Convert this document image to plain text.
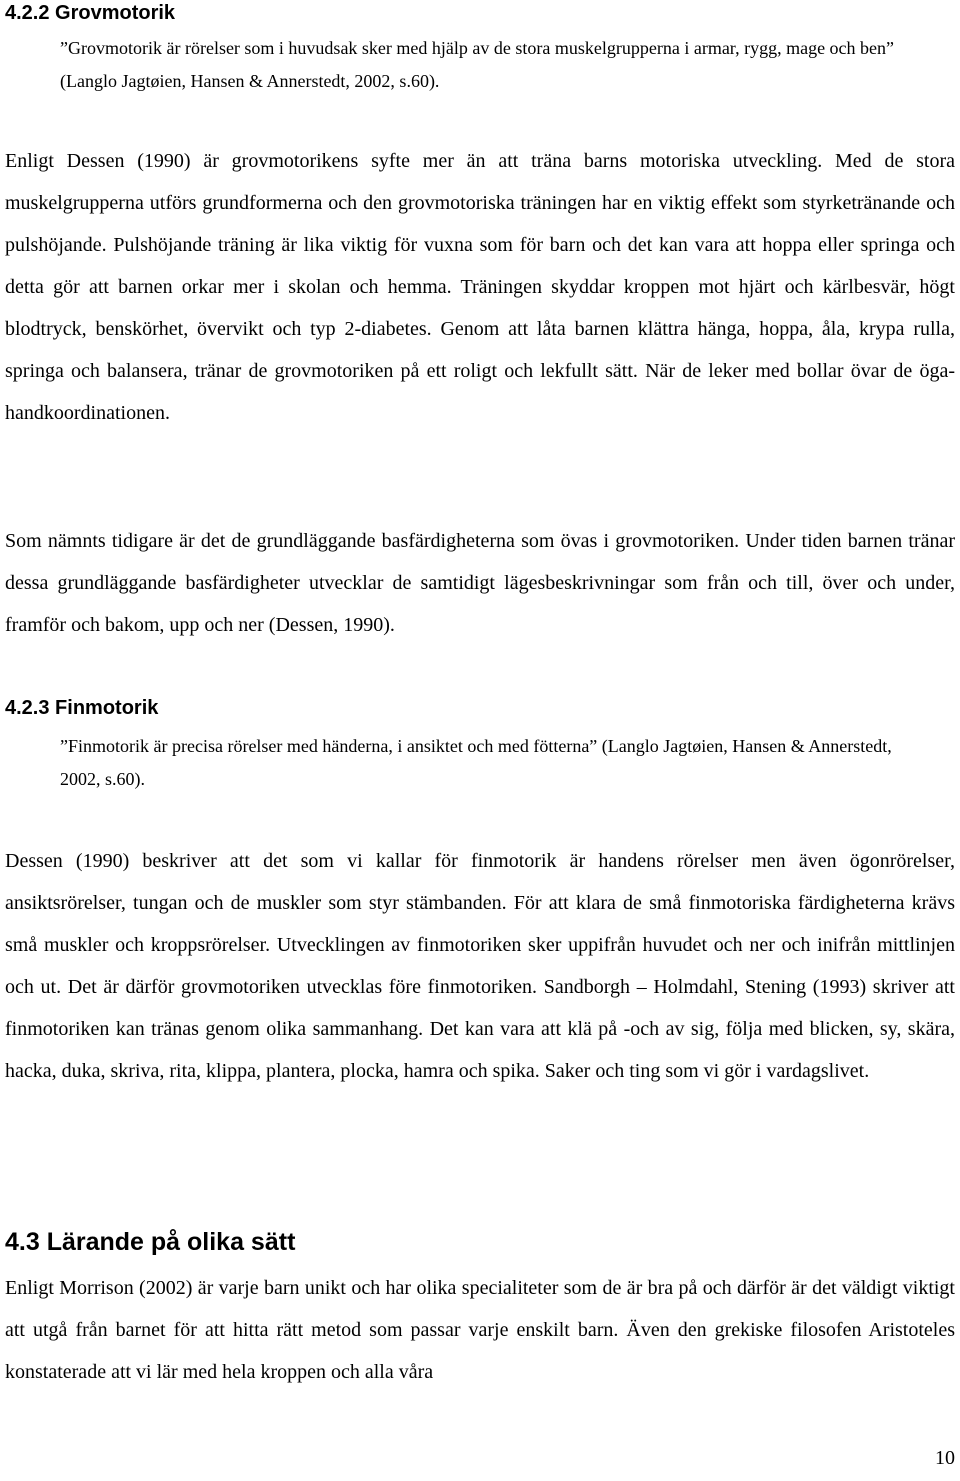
4.2.2 Grovmotorik

”Grovmotorik är rörelser som i huvudsak sker med hjälp av de stora muskelgrupperna i armar, rygg, mage och ben” (Langlo Jagtøien, Hansen & Annerstedt, 2002, s.60).

Enligt Dessen (1990) är grovmotorikens syfte mer än att träna barns motoriska utveckling. Med de stora muskelgrupperna utförs grundformerna och den grovmotoriska träningen har en viktig effekt som styrketränande och pulshöjande. Pulshöjande träning är lika viktig för vuxna som för barn och det kan vara att hoppa eller springa och detta gör att barnen orkar mer i skolan och hemma. Träningen skyddar kroppen mot hjärt och kärlbesvär, högt blodtryck, benskörhet, övervikt och typ 2-diabetes. Genom att låta barnen klättra hänga, hoppa, åla, krypa rulla, springa och balansera, tränar de grovmotoriken på ett roligt och lekfullt sätt. När de leker med bollar övar de öga-handkoordinationen.

Som nämnts tidigare är det de grundläggande basfärdigheterna som övas i grovmotoriken. Under tiden barnen tränar dessa grundläggande basfärdigheter utvecklar de samtidigt lägesbeskrivningar som från och till, över och under, framför och bakom, upp och ner (Dessen, 1990).

4.2.3 Finmotorik

”Finmotorik är precisa rörelser med händerna, i ansiktet och med fötterna” (Langlo Jagtøien, Hansen & Annerstedt, 2002, s.60).

Dessen (1990) beskriver att det som vi kallar för finmotorik är handens rörelser men även ögonrörelser, ansiktsrörelser, tungan och de muskler som styr stämbanden. För att klara de små finmotoriska färdigheterna krävs små muskler och kroppsrörelser. Utvecklingen av finmotoriken sker uppifrån huvudet och ner och inifrån mittlinjen och ut. Det är därför grovmotoriken utvecklas före finmotoriken. Sandborgh – Holmdahl, Stening (1993) skriver att finmotoriken kan tränas genom olika sammanhang. Det kan vara att klä på -och av sig, följa med blicken, sy, skära, hacka, duka, skriva, rita, klippa, plantera, plocka, hamra och spika. Saker och ting som vi gör i vardagslivet.

4.3 Lärande på olika sätt

Enligt Morrison (2002) är varje barn unikt och har olika specialiteter som de är bra på och därför är det väldigt viktigt att utgå från barnet för att hitta rätt metod som passar varje enskilt barn. Även den grekiske filosofen Aristoteles konstaterade att vi lär med hela kroppen och alla våra

10
